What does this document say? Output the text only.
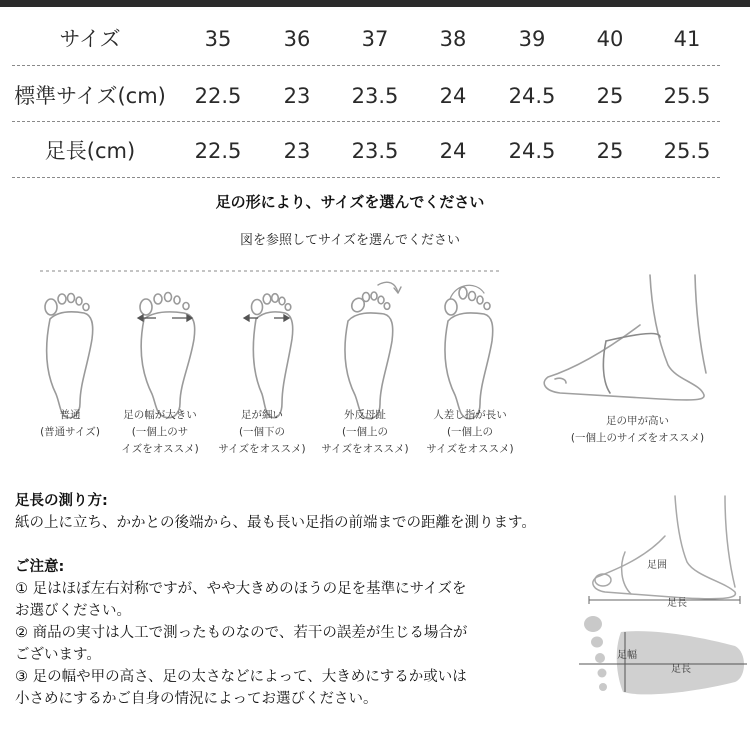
サイズ	35	36	37	38	39	40	41
標準サイズ(cm)	22.5	23	23.5	24	24.5	25	25.5
足長(cm)	22.5	23	23.5	24	24.5	25	25.5
足の形により、サイズを選んでください
図を参照してサイズを選んでください
普通
(普通サイズ)
足の幅が大きい
(一個上のサ
イズをオススメ)
足が細い
(一個下の
サイズをオススメ)
外反母趾
(一個上の
サイズをオススメ)
人差し指が長い
(一個上の
サイズをオススメ)
足の甲が高い
(一個上のサイズをオススメ)
足長の測り方:
紙の上に立ち、かかとの後端から、最も長い足指の前端までの距離を測ります。
ご注意:
① 足はほぼ左右対称ですが、やや大きめのほうの足を基準にサイズを
お選びください。
② 商品の実寸は人工で測ったものなので、若干の誤差が生じる場合が
ございます。
③ 足の幅や甲の高さ、足の太さなどによって、大きめにするか或いは
小さめにするかご自身の情況によってお選びください。
足囲
足長
足幅
足長
